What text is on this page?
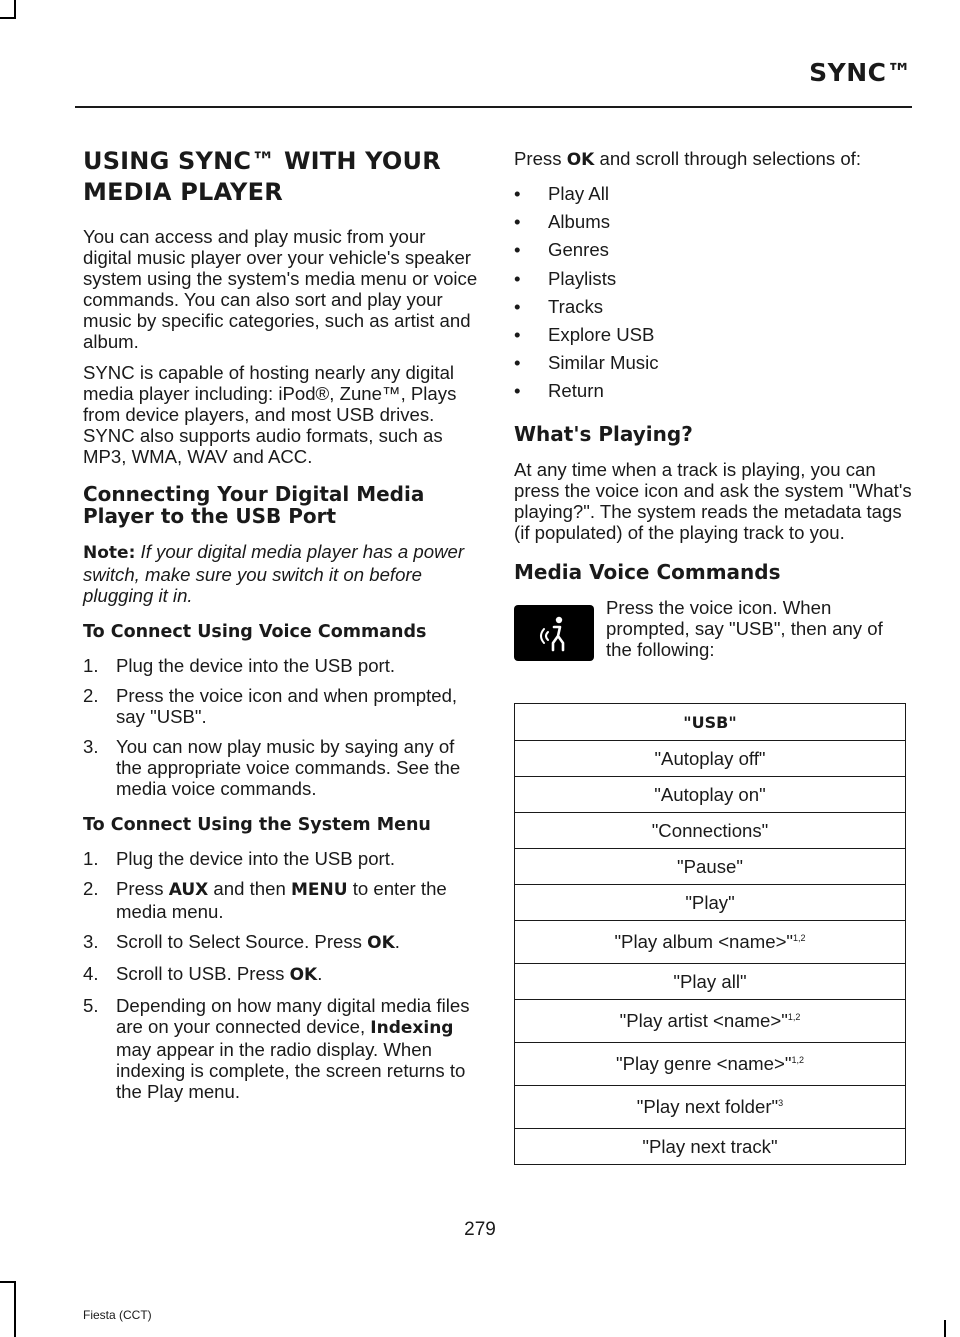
SYNC™
USING SYNC™ WITH YOUR MEDIA PLAYER

You can access and play music from your digital music player over your vehicle's speaker system using the system's media menu or voice commands. You can also sort and play your music by specific categories, such as artist and album.

SYNC is capable of hosting nearly any digital media player including: iPod®, Zune™, Plays from device players, and most USB drives. SYNC also supports audio formats, such as MP3, WMA, WAV and ACC.

Connecting Your Digital Media Player to the USB Port

Note: If your digital media player has a power switch, make sure you switch it on before plugging it in.

To Connect Using Voice Commands
1. Plug the device into the USB port.
2. Press the voice icon and when prompted, say "USB".
3. You can now play music by saying any of the appropriate voice commands. See the media voice commands.
To Connect Using the System Menu
1. Plug the device into the USB port.
2. Press AUX and then MENU to enter the media menu.
3. Scroll to Select Source. Press OK.
4. Scroll to USB. Press OK.
5. Depending on how many digital media files are on your connected device, Indexing may appear in the radio display. When indexing is complete, the screen returns to the Play menu.

Press OK and scroll through selections of:

• Play All
• Albums
• Genres
• Playlists
• Tracks
• Explore USB
• Similar Music
• Return
What's Playing?

At any time when a track is playing, you can press the voice icon and ask the system "What's playing?". The system reads the metadata tags (if populated) of the playing track to you.

Media Voice Commands
Press the voice icon. When prompted, say "USB", then any of the following:
"USB"
"Autoplay off"
"Autoplay on"
"Connections"
"Pause"
"Play"
"Play album <name>"$^{1,2}$
"Play all"
"Play artist <name>"$^{1,2}$
"Play genre <name>"$^{1,2}$
"Play next folder"$^3$
"Play next track"
279
Fiesta (CCT)
